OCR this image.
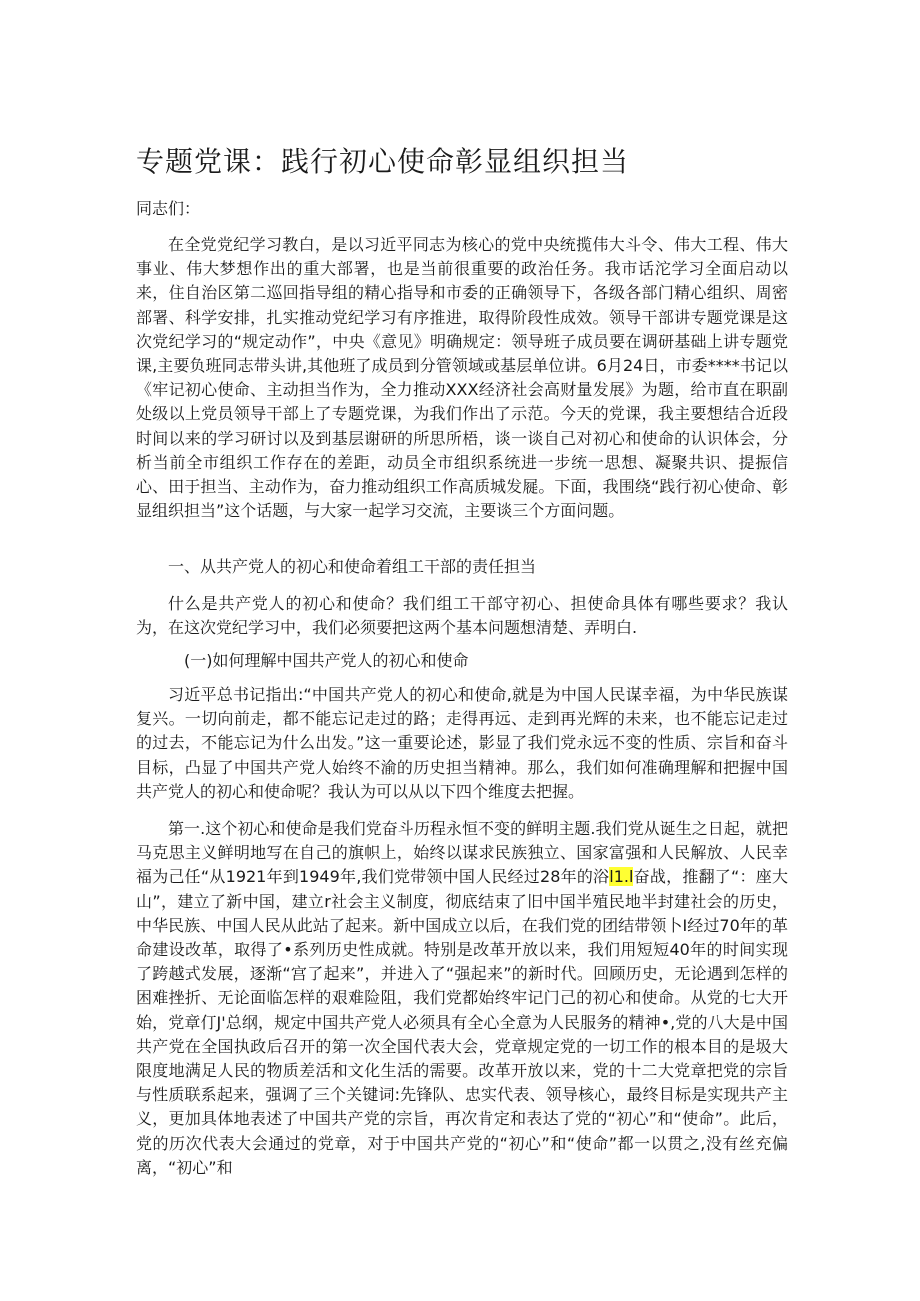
专题党课：践行初心使命彰显组织担当

同志们：

在全党党纪学习教白，是以习近平同志为核心的党中央统揽伟大斗令、伟大工程、伟大事业、伟大梦想作出的重大部署，也是当前很重要的政治任务。我市话沱学习全面启动以来，住自治区第二巡回指导组的精心指导和市委的正确领导下，各级各部门精心组织、周密部署、科学安排，扎实推动党纪学习有序推进，取得阶段性成效。领导干部讲专题党课是这次党纪学习的“规定动作”，中央《意见》明确规定：领导班子成员要在调研基础上讲专题党课,主要负班同志带头讲,其他班了成员到分管领域或基层单位讲。6月24日，市委****书记以《牢记初心使命、主动担当作为，全力推动XXX经济社会高财量发展》为题，给市直在职副处级以上党员领导干部上了专题党课，为我们作出了示范。今天的党课，我主要想结合近段时间以来的学习研讨以及到基层谢研的所思所梧，谈一谈自己对初心和使命的认识体会，分析当前全市组织工作存在的差距，动员全市组织系统进一步统一思想、凝聚共识、提振信心、田于担当、主动作为，奋力推动组织工作高质城发屣。下面，我围绕“践行初心使命、彰显组织担当”这个话题，与大家一起学习交流，主要谈三个方面问题。

一、从共产党人的初心和使命着组工干部的责任担当

什么是共产党人的初心和使命？我们组工干部守初心、担使命具体有哪些要求？我认为，在这次党纪学习中，我们必须要把这两个基本问题想清楚、弄明白.

(一)如何理解中国共产党人的初心和使命

习近平总书记指出:“中国共产党人的初心和使命,就是为中国人民谋幸福，为中华民族谋复兴。一切向前走，都不能忘记走过的路；走得再远、走到再光辉的未来，也不能忘记走过的过去，不能忘记为什么出发。”这一重要论述，影显了我们党永远不变的性质、宗旨和奋斗目标，凸显了中国共产党人始终不渝的历史担当精神。那么，我们如何准确理解和把握中国共产党人的初心和使命呢？我认为可以从以下四个维度去把握。

第一.这个初心和使命是我们党奋斗历程永恒不变的鲜明主题.我们党从诞生之日起，就把马克思主义鲜明地写在自己的旗帜上，始终以谋求民族独立、国家富强和人民解放、人民幸福为己任“从1921年到1949年,我们党带领中国人民经过28年的浴l1.l奋战，推翻了“：座大山”，建立了新中国，建立r社会主义制度，彻底结束了旧中国半殖民地半封建社会的历史，中华民族、中国人民从此站了起来。新中国成立以后，在我们党的团结带领卜I经过70年的革命建设改革，取得了•系列历史性成就。特别是改革开放以来，我们用短短40年的时间实现了跨越式发展，逐渐“宫了起来”，并进入了“强起来”的新时代。回顾历史，无论遇到怎样的困难挫折、无论面临怎样的艰难险阻，我们党都始终牢记门己的初心和使命。从党的七大开始，党章仃J'总纲，规定中国共产党人必须具有全心全意为人民服务的精神•,党的八大是中国共产党在全国执政后召开的第一次全国代表大会，党章规定党的一切工作的根本目的是圾大限度地满足人民的物质差活和文化生活的需要。改革开放以来，党的十二大党章把党的宗旨与性质联系起来，强调了三个关键词:先锋队、忠实代表、领导核心，最终目标是实现共产主义，更加具体地表述了中国共产党的宗旨，再次肯定和表达了党的“初心”和“使命”。此后，党的历次代表大会通过的党章，对于中国共产党的“初心”和“使命”都一以贯之,没有丝充偏离，“初心”和
